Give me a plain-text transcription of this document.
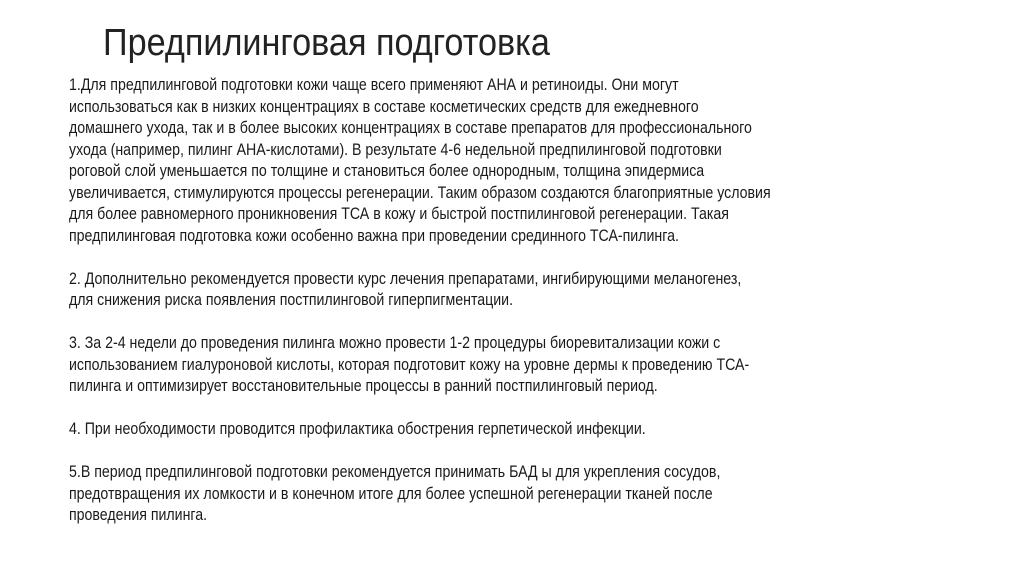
Предпилинговая подготовка

1.Для предпилинговой подготовки кожи чаще всего применяют АНА и ретиноиды. Они могут
использоваться как в низких концентрациях в составе косметических средств для ежедневного
домашнего ухода, так и в более высоких концентрациях в составе препаратов для профессионального
ухода (например, пилинг АНА-кислотами). В результате 4-6 недельной предпилинговой подготовки
роговой слой уменьшается по толщине и становиться более однородным, толщина эпидермиса
увеличивается, стимулируются процессы регенерации. Таким образом создаются благоприятные условия
для более равномерного проникновения ТСА в кожу и быстрой постпилинговой регенерации. Такая
предпилинговая подготовка кожи особенно важна при проведении срединного ТСА-пилинга.

2. Дополнительно рекомендуется провести курс лечения препаратами, ингибирующими меланогенез,
для снижения риска появления постпилинговой гиперпигментации.

3. За 2-4 недели до проведения пилинга можно провести 1-2 процедуры биоревитализации кожи с
использованием гиалуроновой кислоты, которая подготовит кожу на уровне дермы к проведению ТСА-
пилинга и оптимизирует восстановительные процессы в ранний постпилинговый период.

4. При необходимости проводится профилактика обострения герпетической инфекции.

5.В период предпилинговой подготовки рекомендуется принимать БАД ы для укрепления сосудов,
предотвращения их ломкости и в конечном итоге для более успешной регенерации тканей после
проведения пилинга.
